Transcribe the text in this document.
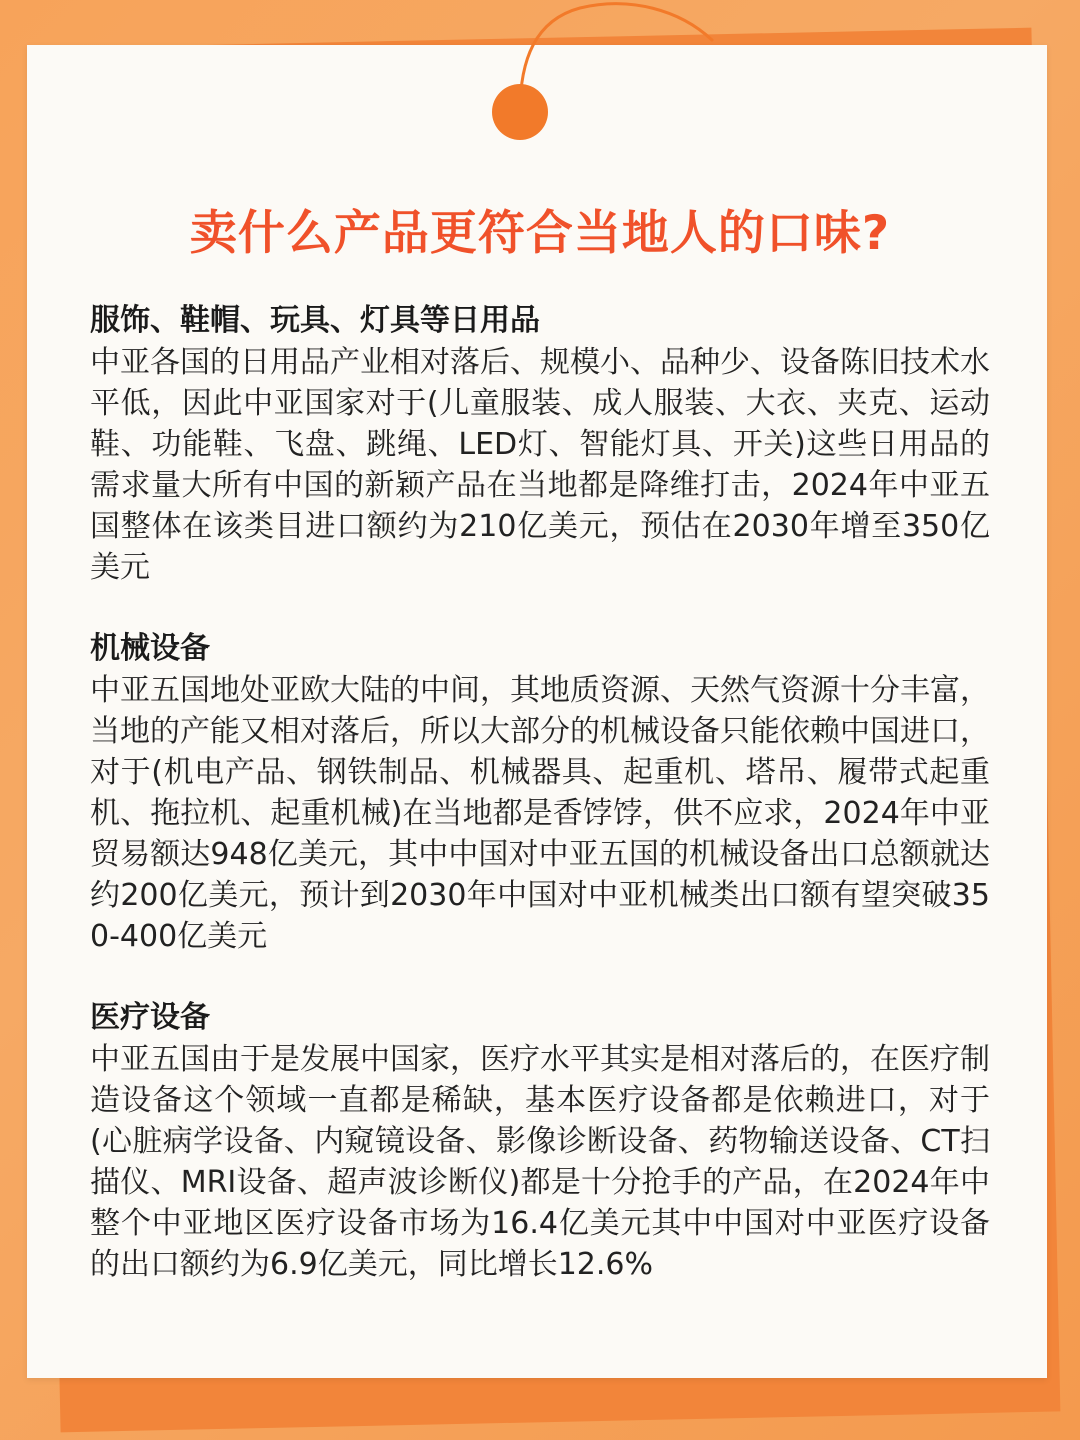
卖什么产品更符合当地人的口味?

服饰、鞋帽、玩具、灯具等日用品

中亚各国的日用品产业相对落后、规模小、品种少、设备陈旧技术水平低，因此中亚国家对于(儿童服装、成人服装、大衣、夹克、运动鞋、功能鞋、飞盘、跳绳、LED灯、智能灯具、开关)这些日用品的需求量大所有中国的新颖产品在当地都是降维打击，2024年中亚五国整体在该类目进口额约为210亿美元，预估在2030年增至350亿美元

机械设备

中亚五国地处亚欧大陆的中间，其地质资源、天然气资源十分丰富，当地的产能又相对落后，所以大部分的机械设备只能依赖中国进口，对于(机电产品、钢铁制品、机械器具、起重机、塔吊、履带式起重机、拖拉机、起重机械)在当地都是香饽饽，供不应求，2024年中亚贸易额达948亿美元，其中中国对中亚五国的机械设备出口总额就达约200亿美元，预计到2030年中国对中亚机械类出口额有望突破350-400亿美元

医疗设备

中亚五国由于是发展中国家，医疗水平其实是相对落后的，在医疗制造设备这个领域一直都是稀缺，基本医疗设备都是依赖进口，对于(心脏病学设备、内窥镜设备、影像诊断设备、药物输送设备、CT扫描仪、MRI设备、超声波诊断仪)都是十分抢手的产品，在2024年中整个中亚地区医疗设备市场为16.4亿美元其中中国对中亚医疗设备的出口额约为6.9亿美元，同比增长12.6%
